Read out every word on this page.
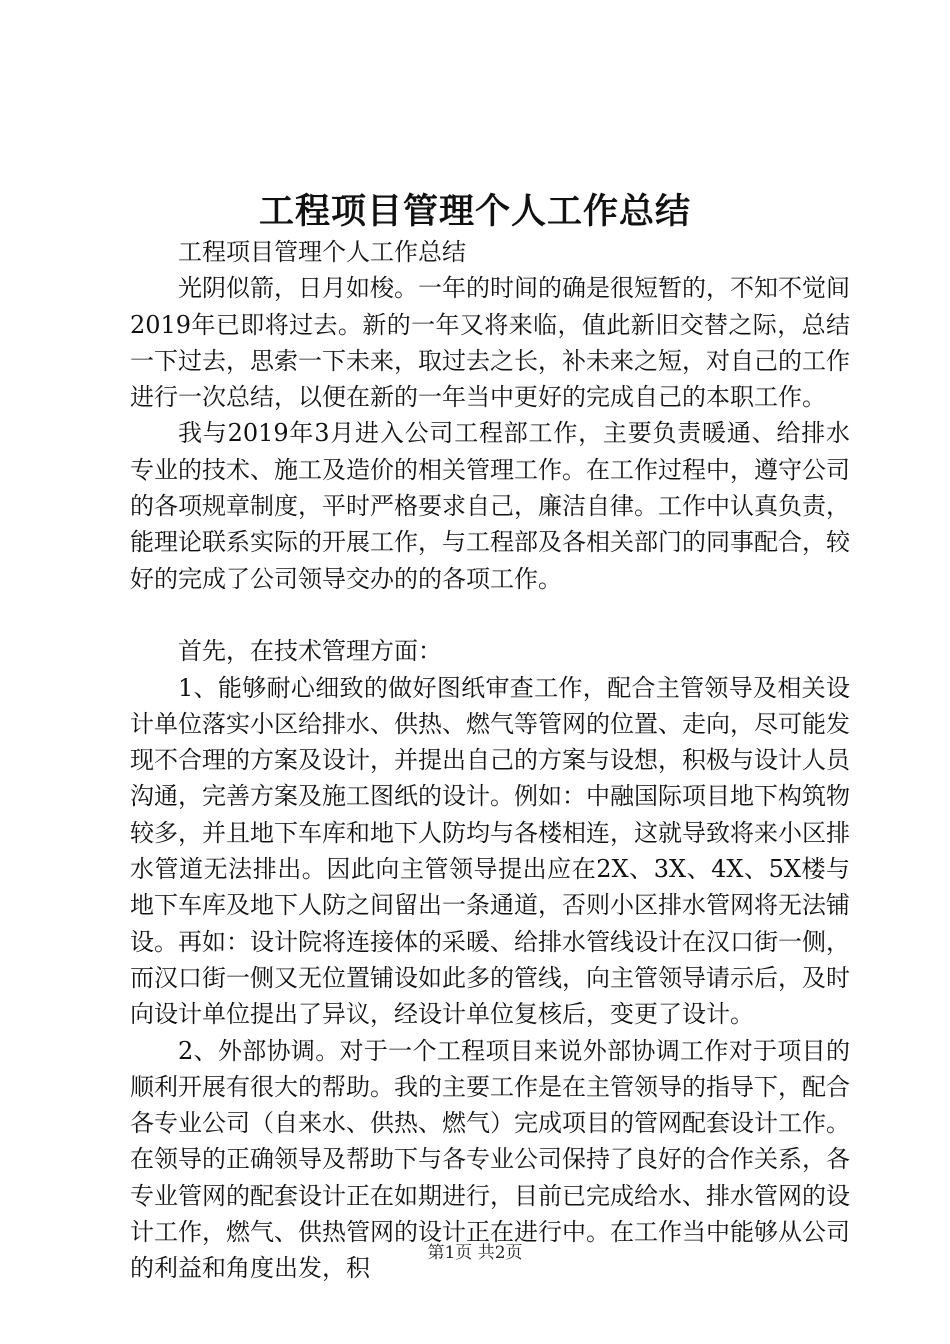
工程项目管理个人工作总结

工程项目管理个人工作总结

光阴似箭，日月如梭。一年的时间的确是很短暂的，不知不觉间2019年已即将过去。新的一年又将来临，值此新旧交替之际，总结一下过去，思索一下未来，取过去之长，补未来之短，对自己的工作进行一次总结，以便在新的一年当中更好的完成自己的本职工作。

我与2019年3月进入公司工程部工作，主要负责暖通、给排水专业的技术、施工及造价的相关管理工作。在工作过程中，遵守公司的各项规章制度，平时严格要求自己，廉洁自律。工作中认真负责，能理论联系实际的开展工作，与工程部及各相关部门的同事配合，较好的完成了公司领导交办的的各项工作。

首先，在技术管理方面：

1、能够耐心细致的做好图纸审查工作，配合主管领导及相关设计单位落实小区给排水、供热、燃气等管网的位置、走向，尽可能发现不合理的方案及设计，并提出自己的方案与设想，积极与设计人员沟通，完善方案及施工图纸的设计。例如：中融国际项目地下构筑物较多，并且地下车库和地下人防均与各楼相连，这就导致将来小区排水管道无法排出。因此向主管领导提出应在2X、3X、4X、5X楼与地下车库及地下人防之间留出一条通道，否则小区排水管网将无法铺设。再如：设计院将连接体的采暖、给排水管线设计在汉口街一侧，而汉口街一侧又无位置铺设如此多的管线，向主管领导请示后，及时向设计单位提出了异议，经设计单位复核后，变更了设计。

2、外部协调。对于一个工程项目来说外部协调工作对于项目的顺利开展有很大的帮助。我的主要工作是在主管领导的指导下，配合各专业公司（自来水、供热、燃气）完成项目的管网配套设计工作。在领导的正确领导及帮助下与各专业公司保持了良好的合作关系，各专业管网的配套设计正在如期进行，目前已完成给水、排水管网的设计工作，燃气、供热管网的设计正在进行中。在工作当中能够从公司的利益和角度出发，积

第1页 共2页
